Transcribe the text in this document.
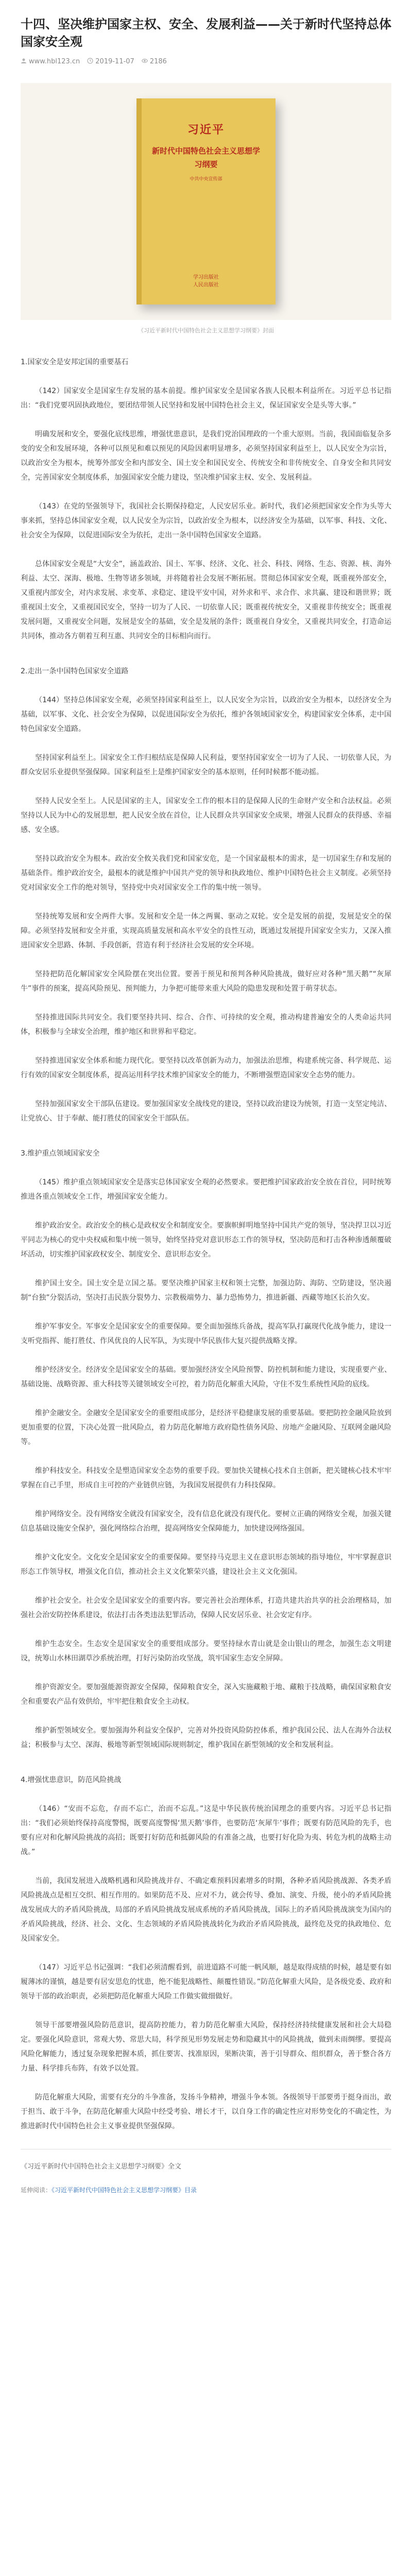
十四、坚决维护国家主权、安全、发展利益——关于新时代坚持总体国家安全观
www.hbl123.cn	2019-11-07	2186
习近平
新时代中国特色社会主义思想学习纲要
中共中央宣传部
学习出版社
人民出版社
《习近平新时代中国特色社会主义思想学习纲要》封面
1.国家安全是安邦定国的重要基石

（142）国家安全是国家生存发展的基本前提。维护国家安全是国家各族人民根本利益所在。习近平总书记指出：“我们党要巩固执政地位，要团结带领人民坚持和发展中国特色社会主义，保证国家安全是头等大事。”

明确发展和安全，要强化底线思维，增强忧患意识，是我们党治国理政的一个重大原则。当前，我国面临复杂多变的安全和发展环境，各种可以预见和难以预见的风险因素明显增多，必须坚持国家利益至上，以人民安全为宗旨，以政治安全为根本，统筹外部安全和内部安全、国土安全和国民安全、传统安全和非传统安全、自身安全和共同安全，完善国家安全制度体系，加强国家安全能力建设，坚决维护国家主权、安全、发展利益。

（143）在党的坚强领导下，我国社会长期保持稳定，人民安居乐业。新时代，我们必须把国家安全作为头等大事来抓，坚持总体国家安全观，以人民安全为宗旨，以政治安全为根本，以经济安全为基础，以军事、科技、文化、社会安全为保障，以促进国际安全为依托，走出一条中国特色国家安全道路。

总体国家安全观是“大安全”，涵盖政治、国土、军事、经济、文化、社会、科技、网络、生态、资源、核、海外利益、太空、深海、极地、生物等诸多领域，并将随着社会发展不断拓展。贯彻总体国家安全观，既重视外部安全，又重视内部安全，对内求发展、求变革、求稳定、建设平安中国，对外求和平、求合作、求共赢、建设和谐世界；既重视国土安全，又重视国民安全，坚持一切为了人民、一切依靠人民；既重视传统安全，又重视非传统安全；既重视发展问题，又重视安全问题，发展是安全的基础，安全是发展的条件；既重视自身安全，又重视共同安全，打造命运共同体，推动各方朝着互利互惠、共同安全的目标相向而行。

2.走出一条中国特色国家安全道路

（144）坚持总体国家安全观，必须坚持国家利益至上，以人民安全为宗旨，以政治安全为根本，以经济安全为基础，以军事、文化、社会安全为保障，以促进国际安全为依托，维护各领域国家安全，构建国家安全体系，走中国特色国家安全道路。

坚持国家利益至上。国家安全工作归根结底是保障人民利益，要坚持国家安全一切为了人民、一切依靠人民，为群众安居乐业提供坚强保障。国家利益至上是维护国家安全的基本原则，任何时候都不能动摇。

坚持人民安全至上。人民是国家的主人，国家安全工作的根本目的是保障人民的生命财产安全和合法权益。必须坚持以人民为中心的发展思想，把人民安全放在首位，让人民群众共享国家安全成果，增强人民群众的获得感、幸福感、安全感。

坚持以政治安全为根本。政治安全攸关我们党和国家安危，是一个国家最根本的需求，是一切国家生存和发展的基础条件。维护政治安全，最根本的就是维护中国共产党的领导和执政地位、维护中国特色社会主义制度。必须坚持党对国家安全工作的绝对领导，坚持党中央对国家安全工作的集中统一领导。

坚持统筹发展和安全两件大事。发展和安全是一体之两翼、驱动之双轮。安全是发展的前提，发展是安全的保障。必须坚持发展和安全并重，实现高质量发展和高水平安全的良性互动，既通过发展提升国家安全实力，又深入推进国家安全思路、体制、手段创新，营造有利于经济社会发展的安全环境。

坚持把防范化解国家安全风险摆在突出位置。要善于预见和预判各种风险挑战，做好应对各种“黑天鹅”“灰犀牛”事件的预案，提高风险预见、预判能力，力争把可能带来重大风险的隐患发现和处置于萌芽状态。

坚持推进国际共同安全。我们要坚持共同、综合、合作、可持续的安全观，推动构建普遍安全的人类命运共同体，积极参与全球安全治理，维护地区和世界和平稳定。

坚持推进国家安全体系和能力现代化。要坚持以改革创新为动力，加强法治思维，构建系统完备、科学规范、运行有效的国家安全制度体系，提高运用科学技术维护国家安全的能力，不断增强塑造国家安全态势的能力。

坚持加强国家安全干部队伍建设。要加强国家安全战线党的建设，坚持以政治建设为统领，打造一支坚定纯洁、让党放心、甘于奉献、能打胜仗的国家安全干部队伍。

3.维护重点领域国家安全

（145）维护重点领域国家安全是落实总体国家安全观的必然要求。要把维护国家政治安全放在首位，同时统筹推进各重点领域安全工作，增强国家安全能力。

维护政治安全。政治安全的核心是政权安全和制度安全。要旗帜鲜明地坚持中国共产党的领导，坚决捍卫以习近平同志为核心的党中央权威和集中统一领导，始终坚持党对意识形态工作的领导权，坚决防范和打击各种渗透颠覆破坏活动，切实维护国家政权安全、制度安全、意识形态安全。

维护国土安全。国土安全是立国之基。要坚决维护国家主权和领土完整，加强边防、海防、空防建设，坚决遏制“台独”分裂活动，坚决打击民族分裂势力、宗教极端势力、暴力恐怖势力，推进新疆、西藏等地区长治久安。

维护军事安全。军事安全是国家安全的重要保障。要全面加强练兵备战，提高军队打赢现代化战争能力，建设一支听党指挥、能打胜仗、作风优良的人民军队，为实现中华民族伟大复兴提供战略支撑。

维护经济安全。经济安全是国家安全的基础。要加强经济安全风险预警、防控机制和能力建设，实现重要产业、基础设施、战略资源、重大科技等关键领域安全可控，着力防范化解重大风险，守住不发生系统性风险的底线。

维护金融安全。金融安全是国家安全的重要组成部分，是经济平稳健康发展的重要基础。要把防控金融风险放到更加重要的位置，下决心处置一批风险点，着力防范化解地方政府隐性债务风险、房地产金融风险、互联网金融风险等。

维护科技安全。科技安全是塑造国家安全态势的重要手段。要加快关键核心技术自主创新，把关键核心技术牢牢掌握在自己手里，形成自主可控的产业链供应链，为我国发展提供有力科技保障。

维护网络安全。没有网络安全就没有国家安全，没有信息化就没有现代化。要树立正确的网络安全观，加强关键信息基础设施安全保护，强化网络综合治理，提高网络安全保障能力，加快建设网络强国。

维护文化安全。文化安全是国家安全的重要保障。要坚持马克思主义在意识形态领域的指导地位，牢牢掌握意识形态工作领导权，增强文化自信，推动社会主义文化繁荣兴盛，建设社会主义文化强国。

维护社会安全。社会安全是国家安全的重要内容。要完善社会治理体系，打造共建共治共享的社会治理格局，加强社会治安防控体系建设，依法打击各类违法犯罪活动，保障人民安居乐业、社会安定有序。

维护生态安全。生态安全是国家安全的重要组成部分。要坚持绿水青山就是金山银山的理念，加强生态文明建设，统筹山水林田湖草沙系统治理，打好污染防治攻坚战，筑牢国家生态安全屏障。

维护资源安全。要加强能源资源安全保障，保障粮食安全，深入实施藏粮于地、藏粮于技战略，确保国家粮食安全和重要农产品有效供给，牢牢把住粮食安全主动权。

维护新型领域安全。要加强海外利益安全保护，完善对外投资风险防控体系，维护我国公民、法人在海外合法权益；积极参与太空、深海、极地等新型领域国际规则制定，维护我国在新型领域的安全和发展利益。

4.增强忧患意识，防范风险挑战

（146）“安而不忘危，存而不忘亡，治而不忘乱。”这是中华民族传统治国理念的重要内容。习近平总书记指出：“我们必须始终保持高度警惕，既要高度警惕‘黑天鹅’事件，也要防范‘灰犀牛’事件；既要有防范风险的先手，也要有应对和化解风险挑战的高招；既要打好防范和抵御风险的有准备之战，也要打好化险为夷、转危为机的战略主动战。”

当前，我国发展进入战略机遇和风险挑战并存、不确定难预料因素增多的时期，各种矛盾风险挑战源、各类矛盾风险挑战点是相互交织、相互作用的。如果防范不及、应对不力，就会传导、叠加、演变、升级，使小的矛盾风险挑战发展成大的矛盾风险挑战，局部的矛盾风险挑战发展成系统的矛盾风险挑战，国际上的矛盾风险挑战演变为国内的矛盾风险挑战，经济、社会、文化、生态领域的矛盾风险挑战转化为政治矛盾风险挑战，最终危及党的执政地位、危及国家安全。

（147）习近平总书记强调：“我们必须清醒看到，前进道路不可能一帆风顺，越是取得成绩的时候，越是要有如履薄冰的谨慎，越是要有居安思危的忧患，绝不能犯战略性、颠覆性错误。”防范化解重大风险，是各级党委、政府和领导干部的政治职责，必须把防范化解重大风险工作做实做细做好。

领导干部要增强风险防范意识，提高防控能力，着力防范化解重大风险，保持经济持续健康发展和社会大局稳定。要强化风险意识，常观大势、常思大局，科学预见形势发展走势和隐藏其中的风险挑战，做到未雨绸缪。要提高风险化解能力，透过复杂现象把握本质，抓住要害、找准原因，果断决策，善于引导群众、组织群众，善于整合各方力量、科学排兵布阵，有效予以处置。

防范化解重大风险，需要有充分的斗争准备，发扬斗争精神，增强斗争本领。各级领导干部要勇于挺身而出，敢于担当、敢于斗争，在防范化解重大风险中经受考验、增长才干，以自身工作的确定性应对形势变化的不确定性，为推进新时代中国特色社会主义事业提供坚强保障。

《习近平新时代中国特色社会主义思想学习纲要》全文
延伸阅读：《习近平新时代中国特色社会主义思想学习纲要》目录
